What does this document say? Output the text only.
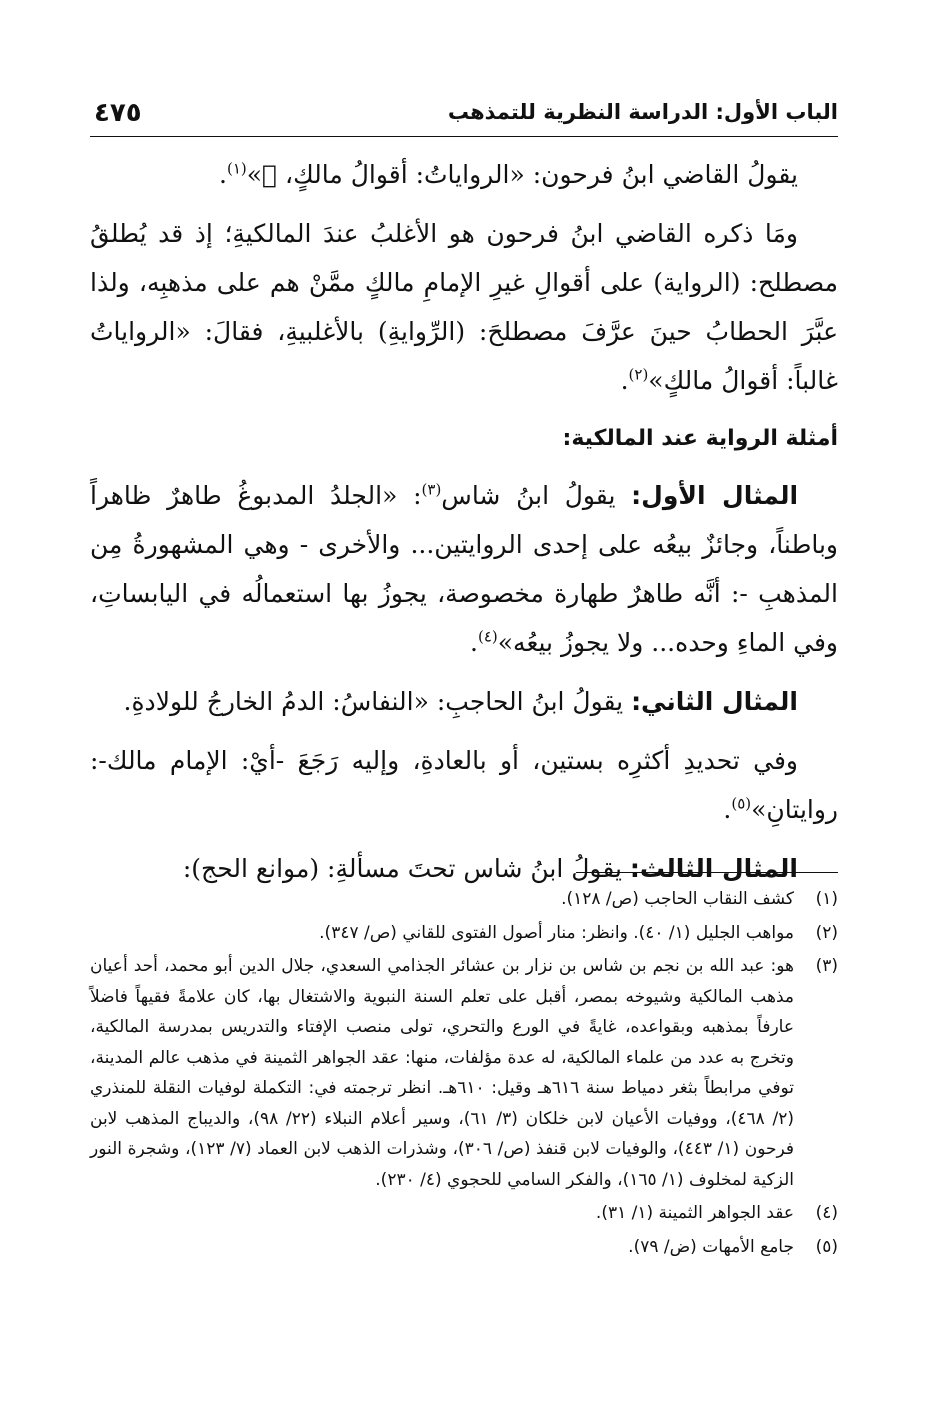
٤٧٥	الباب الأول: الدراسة النظرية للتمذهب

يقولُ القاضي ابنُ فرحون: «الرواياتُ: أقوالُ مالكٍ، ﷬»$^{(١)}$.

ومَا ذكره القاضي ابنُ فرحون هو الأغلبُ عندَ المالكيةِ؛ إذ قد يُطلقُ مصطلح: (الرواية) على أقوالِ غيرِ الإمامِ مالكٍ ممَّنْ هم على مذهبِه، ولذا عبَّرَ الحطابُ حينَ عرَّفَ مصطلحَ: (الرِّوايةِ) بالأغلبيةِ، فقالَ: «الرواياتُ غالباً: أقوالُ مالكٍ»$^{(٢)}$.

أمثلة الرواية عند المالكية:

المثال الأول: يقولُ ابنُ شاس$^{(٣)}$: «الجلدُ المدبوغُ طاهرٌ ظاهراً وباطناً، وجائزٌ بيعُه على إحدى الروايتين... والأخرى - وهي المشهورةُ مِن المذهبِ -: أنَّه طاهرٌ طهارة مخصوصة، يجوزُ بها استعمالُه في اليابساتِ، وفي الماءِ وحده... ولا يجوزُ بيعُه»$^{(٤)}$.

المثال الثاني: يقولُ ابنُ الحاجبِ: «النفاسُ: الدمُ الخارجُ للولادةِ.

وفي تحديدِ أكثرِه بستين، أو بالعادةِ، وإليه رَجَعَ -أيْ: الإمام مالك-: روايتانِ»$^{(٥)}$.

المثال الثالث: يقولُ ابنُ شاس تحتَ مسألةِ: (موانع الحج):

(١)
كشف النقاب الحاجب (ص/ ١٢٨).
(٢)
مواهب الجليل (١/ ٤٠). وانظر: منار أصول الفتوى للقاني (ص/ ٣٤٧).
(٣)
هو: عبد الله بن نجم بن شاس بن نزار بن عشائر الجذامي السعدي، جلال الدين أبو محمد، أحد أعيان مذهب المالكية وشيوخه بمصر، أقبل على تعلم السنة النبوية والاشتغال بها، كان علامةً فقيهاً فاضلاً عارفاً بمذهبه وبقواعده، غايةً في الورع والتحري، تولى منصب الإفتاء والتدريس بمدرسة المالكية، وتخرج به عدد من علماء المالكية، له عدة مؤلفات، منها: عقد الجواهر الثمينة في مذهب عالم المدينة، توفي مرابطاً بثغر دمياط سنة ٦١٦هـ وقيل: ٦١٠هـ. انظر ترجمته في: التكملة لوفيات النقلة للمنذري (٢/ ٤٦٨)، ووفيات الأعيان لابن خلكان (٣/ ٦١)، وسير أعلام النبلاء (٢٢/ ٩٨)، والديباج المذهب لابن فرحون (١/ ٤٤٣)، والوفيات لابن قنفذ (ص/ ٣٠٦)، وشذرات الذهب لابن العماد (٧/ ١٢٣)، وشجرة النور الزكية لمخلوف (١/ ١٦٥)، والفكر السامي للحجوي (٤/ ٢٣٠).
(٤)
عقد الجواهر الثمينة (١/ ٣١).
(٥)
جامع الأمهات (ض/ ٧٩).
